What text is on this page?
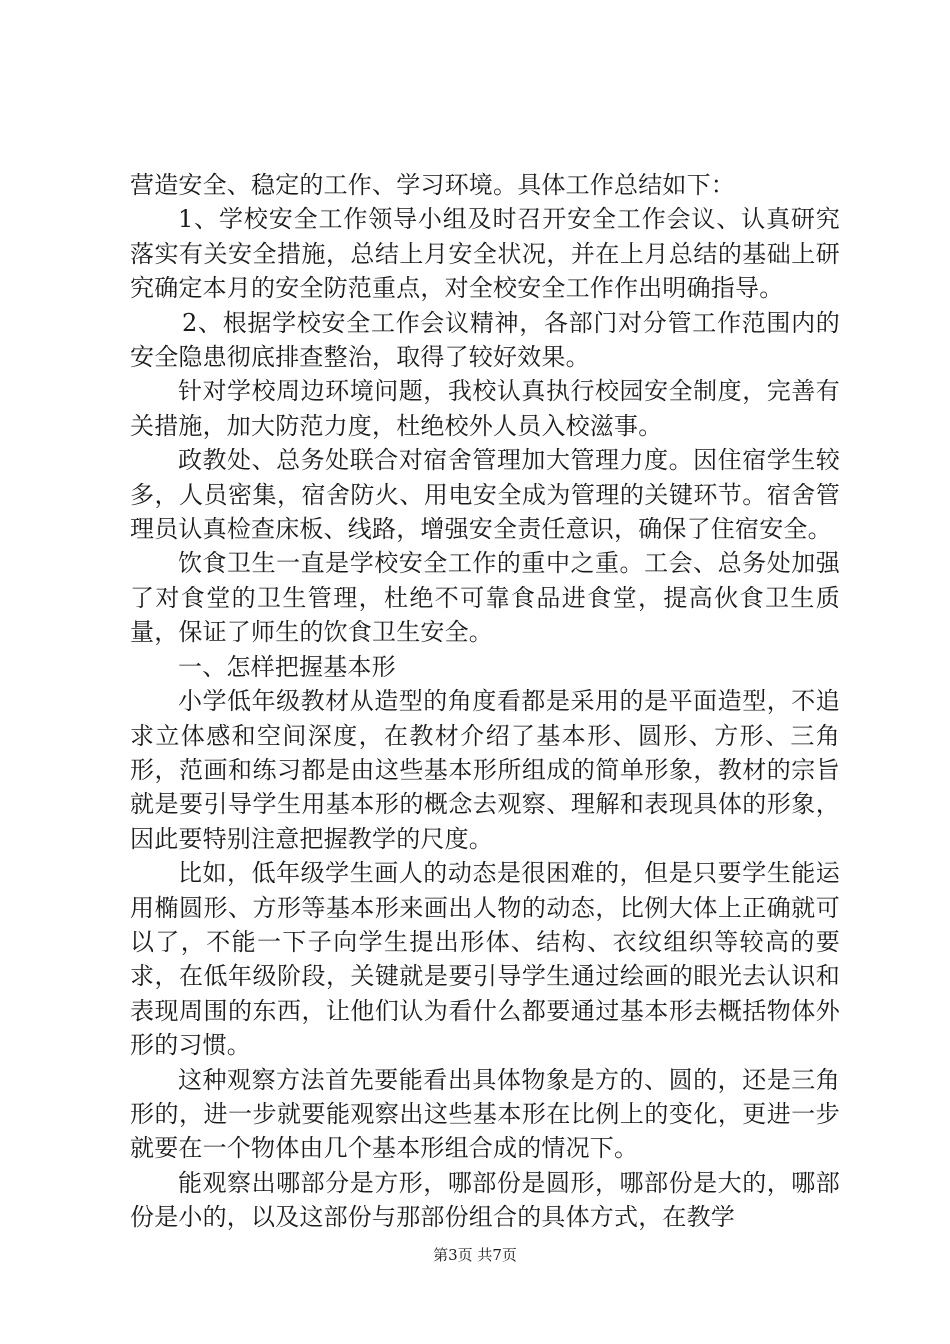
营造安全、稳定的工作、学习环境。具体工作总结如下：

1、学校安全工作领导小组及时召开安全工作会议、认真研究落实有关安全措施，总结上月安全状况，并在上月总结的基础上研究确定本月的安全防范重点，对全校安全工作作出明确指导。

2、根据学校安全工作会议精神，各部门对分管工作范围内的安全隐患彻底排查整治，取得了较好效果。

针对学校周边环境问题，我校认真执行校园安全制度，完善有关措施，加大防范力度，杜绝校外人员入校滋事。

政教处、总务处联合对宿舍管理加大管理力度。因住宿学生较多，人员密集，宿舍防火、用电安全成为管理的关键环节。宿舍管理员认真检查床板、线路，增强安全责任意识，确保了住宿安全。

饮食卫生一直是学校安全工作的重中之重。工会、总务处加强了对食堂的卫生管理，杜绝不可靠食品进食堂，提高伙食卫生质量，保证了师生的饮食卫生安全。

一、怎样把握基本形

小学低年级教材从造型的角度看都是采用的是平面造型，不追求立体感和空间深度，在教材介绍了基本形、圆形、方形、三角形，范画和练习都是由这些基本形所组成的简单形象，教材的宗旨就是要引导学生用基本形的概念去观察、理解和表现具体的形象，因此要特别注意把握教学的尺度。

比如，低年级学生画人的动态是很困难的，但是只要学生能运用椭圆形、方形等基本形来画出人物的动态，比例大体上正确就可以了，不能一下子向学生提出形体、结构、衣纹组织等较高的要求，在低年级阶段，关键就是要引导学生通过绘画的眼光去认识和表现周围的东西，让他们认为看什么都要通过基本形去概括物体外形的习惯。

这种观察方法首先要能看出具体物象是方的、圆的，还是三角形的，进一步就要能观察出这些基本形在比例上的变化，更进一步就要在一个物体由几个基本形组合成的情况下。

能观察出哪部分是方形，哪部份是圆形，哪部份是大的，哪部份是小的，以及这部份与那部份组合的具体方式，在教学

第3页 共7页
